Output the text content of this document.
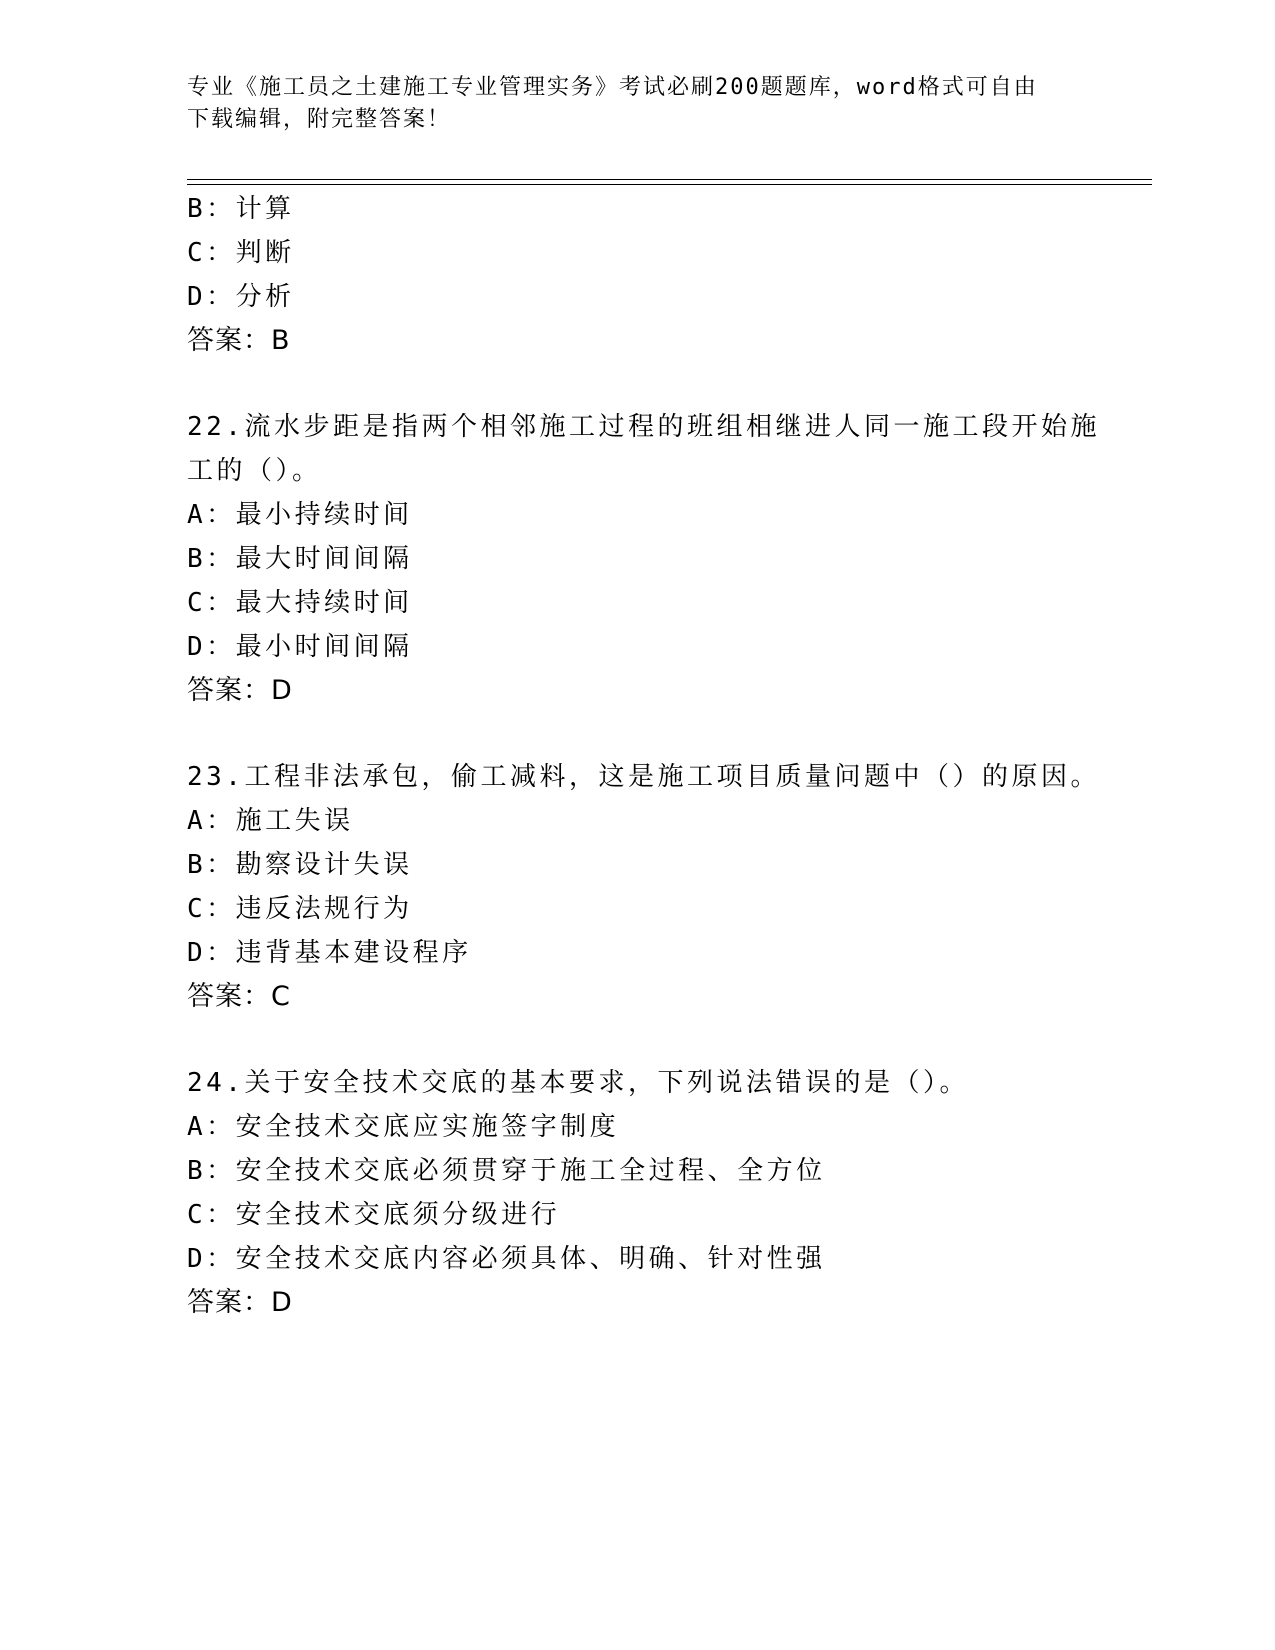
专业《施工员之土建施工专业管理实务》考试必刷200题题库，word格式可自由
下载编辑，附完整答案！
B：计算
C：判断
D：分析
答案：B
22.流水步距是指两个相邻施工过程的班组相继进人同一施工段开始施
工的（）。
A：最小持续时间
B：最大时间间隔
C：最大持续时间
D：最小时间间隔
答案：D
23.工程非法承包，偷工减料，这是施工项目质量问题中（）的原因。
A：施工失误
B：勘察设计失误
C：违反法规行为
D：违背基本建设程序
答案：C
24.关于安全技术交底的基本要求，下列说法错误的是（）。
A：安全技术交底应实施签字制度
B：安全技术交底必须贯穿于施工全过程、全方位
C：安全技术交底须分级进行
D：安全技术交底内容必须具体、明确、针对性强
答案：D
